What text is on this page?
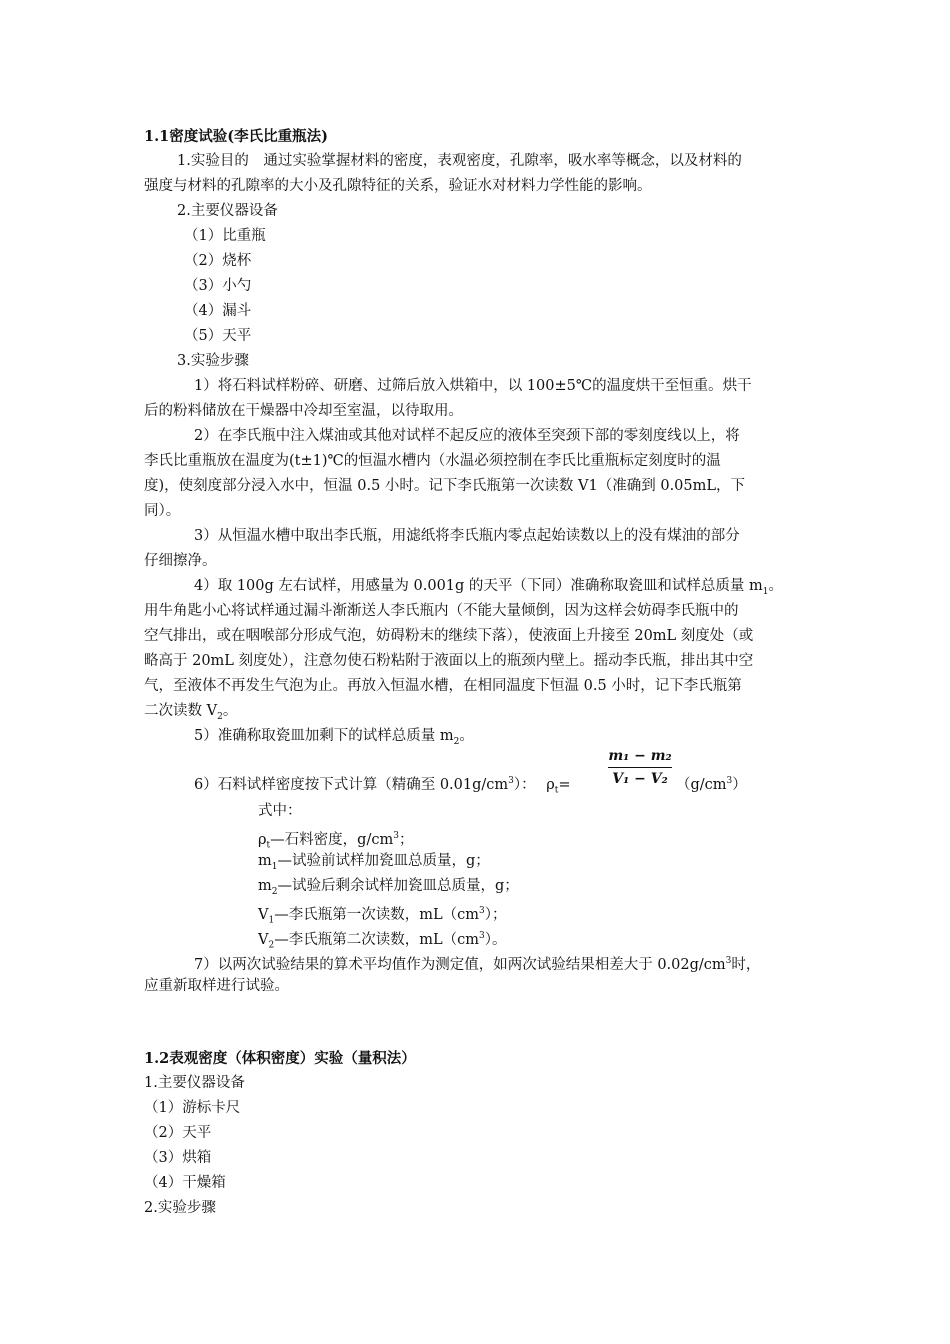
1.1密度试验(李氏比重瓶法)
1.实验目的　通过实验掌握材料的密度，表观密度，孔隙率，吸水率等概念，以及材料的
强度与材料的孔隙率的大小及孔隙特征的关系，验证水对材料力学性能的影响。
2.主要仪器设备
（1）比重瓶
（2）烧杯
（3）小勺
（4）漏斗
（5）天平
3.实验步骤
1）将石料试样粉碎、研磨、过筛后放入烘箱中，以 100±5℃的温度烘干至恒重。烘干
后的粉料储放在干燥器中冷却至室温，以待取用。
2）在李氏瓶中注入煤油或其他对试样不起反应的液体至突颈下部的零刻度线以上，将
李氏比重瓶放在温度为(t±1)℃的恒温水槽内（水温必须控制在李氏比重瓶标定刻度时的温
度)，使刻度部分浸入水中，恒温 0.5 小时。记下李氏瓶第一次读数 V1（准确到 0.05mL，下
同）。
3）从恒温水槽中取出李氏瓶，用滤纸将李氏瓶内零点起始读数以上的没有煤油的部分
仔细擦净。
4）取 100g 左右试样，用感量为 0.001g 的天平（下同）准确称取瓷皿和试样总质量 $m_1$。
用牛角匙小心将试样通过漏斗渐渐送人李氏瓶内（不能大量倾倒，因为这样会妨碍李氏瓶中的
空气排出，或在咽喉部分形成气泡，妨碍粉末的继续下落），使液面上升接至 20mL 刻度处（或
略高于 20mL 刻度处），注意勿使石粉粘附于液面以上的瓶颈内壁上。摇动李氏瓶，排出其中空
气，至液体不再发生气泡为止。再放入恒温水槽，在相同温度下恒温 0.5 小时，记下李氏瓶第
二次读数 $V_2$。
5）准确称取瓷皿加剩下的试样总质量 $m_2$。
6）石料试样密度按下式计算（精确至 $0.01g/cm^3$）： $\rho_t=$
m₁ − m₂
V₁ − V₂ $(g/cm^3)$
式中：
$\rho_t—$石料密度，$g/cm^3$；
$m_1—$试验前试样加瓷皿总质量，g；
$m_2—$试验后剩余试样加瓷皿总质量，g；
$V_1—$李氏瓶第一次读数，$mL(cm^3)$；
$V_2—$李氏瓶第二次读数，$mL(cm^3)$。
7）以两次试验结果的算术平均值作为测定值，如两次试验结果相差大于 $0.02g/cm^3$时，
应重新取样进行试验。
1.2表观密度（体积密度）实验（量积法）
1.主要仪器设备
（1）游标卡尺
（2）天平
（3）烘箱
（4）干燥箱
2.实验步骤
